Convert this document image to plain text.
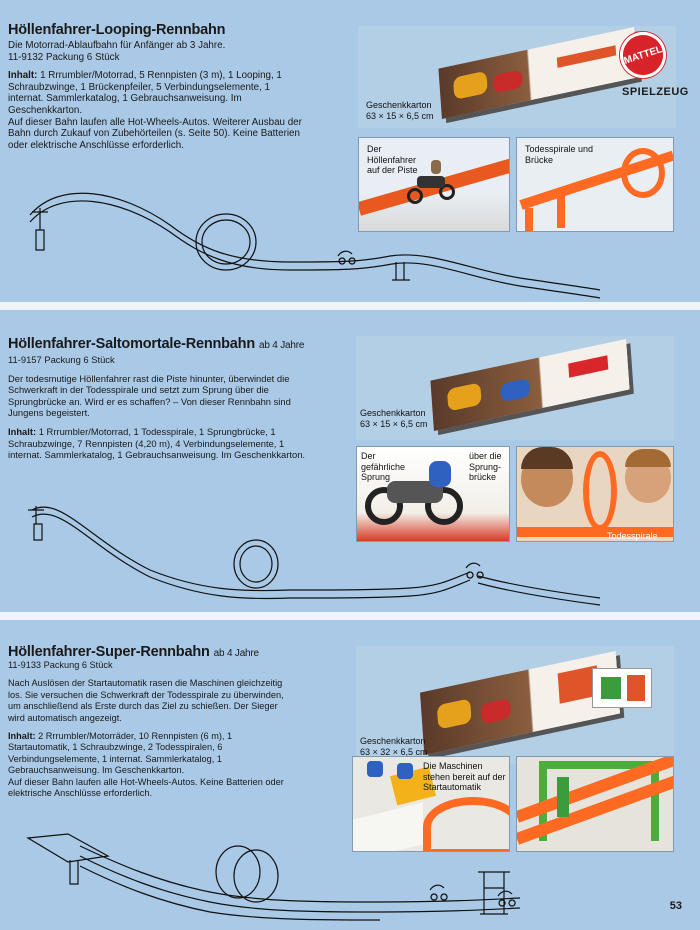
Höllenfahrer-Looping-Rennbahn
Die Motorrad-Ablaufbahn für Anfänger ab 3 Jahre.
11-9132 Packung 6 Stück
Inhalt: 1 Rrrumbler/Motorrad, 5 Rennpisten (3 m), 1 Looping, 1 Schraubzwinge, 1 Brückenpfeiler, 5 Verbindungselemente, 1 internat. Sammlerkatalog, 1 Gebrauchsanweisung. Im Geschenkkarton.
Auf dieser Bahn laufen alle Hot-Wheels-Autos. Weiterer Ausbau der Bahn durch Zukauf von Zubehörteilen (s. Seite 50). Keine Batterien oder elektrische Anschlüsse erforderlich.
Geschenkkarton
63 × 15 × 6,5 cm
MATTEL
SPIELZEUG
Der Höllenfahrer auf der Piste
Todesspirale und Brücke
Höllenfahrer-Saltomortale-Rennbahn ab 4 Jahre
11-9157 Packung 6 Stück
Der todesmutige Höllenfahrer rast die Piste hinunter, überwindet die Schwerkraft in der Todesspirale und setzt zum Sprung über die Sprungbrücke an. Wird er es schaffen? – Von dieser Rennbahn sind Jungens begeistert.
Inhalt: 1 Rrrumbler/Motorrad, 1 Todesspirale, 1 Sprungbrücke, 1 Schraubzwinge, 7 Rennpisten (4,20 m), 4 Verbindungselemente, 1 internat. Sammlerkatalog, 1 Gebrauchsanweisung. Im Geschenkkarton.
Geschenkkarton
63 × 15 × 6,5 cm
Der gefährliche Sprung
über die Sprung-brücke
Todesspirale
Höllenfahrer-Super-Rennbahn ab 4 Jahre
11-9133 Packung 6 Stück
Nach Auslösen der Startautomatik rasen die Maschinen gleichzeitig los. Sie versuchen die Schwerkraft der Todesspirale zu überwinden, um anschließend als Erste durch das Ziel zu schießen. Der Sieger wird automatisch angezeigt.
Inhalt: 2 Rrrumbler/Motorräder, 10 Rennpisten (6 m), 1 Startautomatik, 1 Schraubzwinge, 2 Todesspiralen, 6 Verbindungselemente, 1 internat. Sammlerkatalog, 1 Gebrauchsanweisung. Im Geschenkkarton.
Auf dieser Bahn laufen alle Hot-Wheels-Autos. Keine Batterien oder elektrische Anschlüsse erforderlich.
Geschenkkarton
63 × 32 × 6,5 cm
Die Maschinen stehen bereit auf der Startautomatik
53
